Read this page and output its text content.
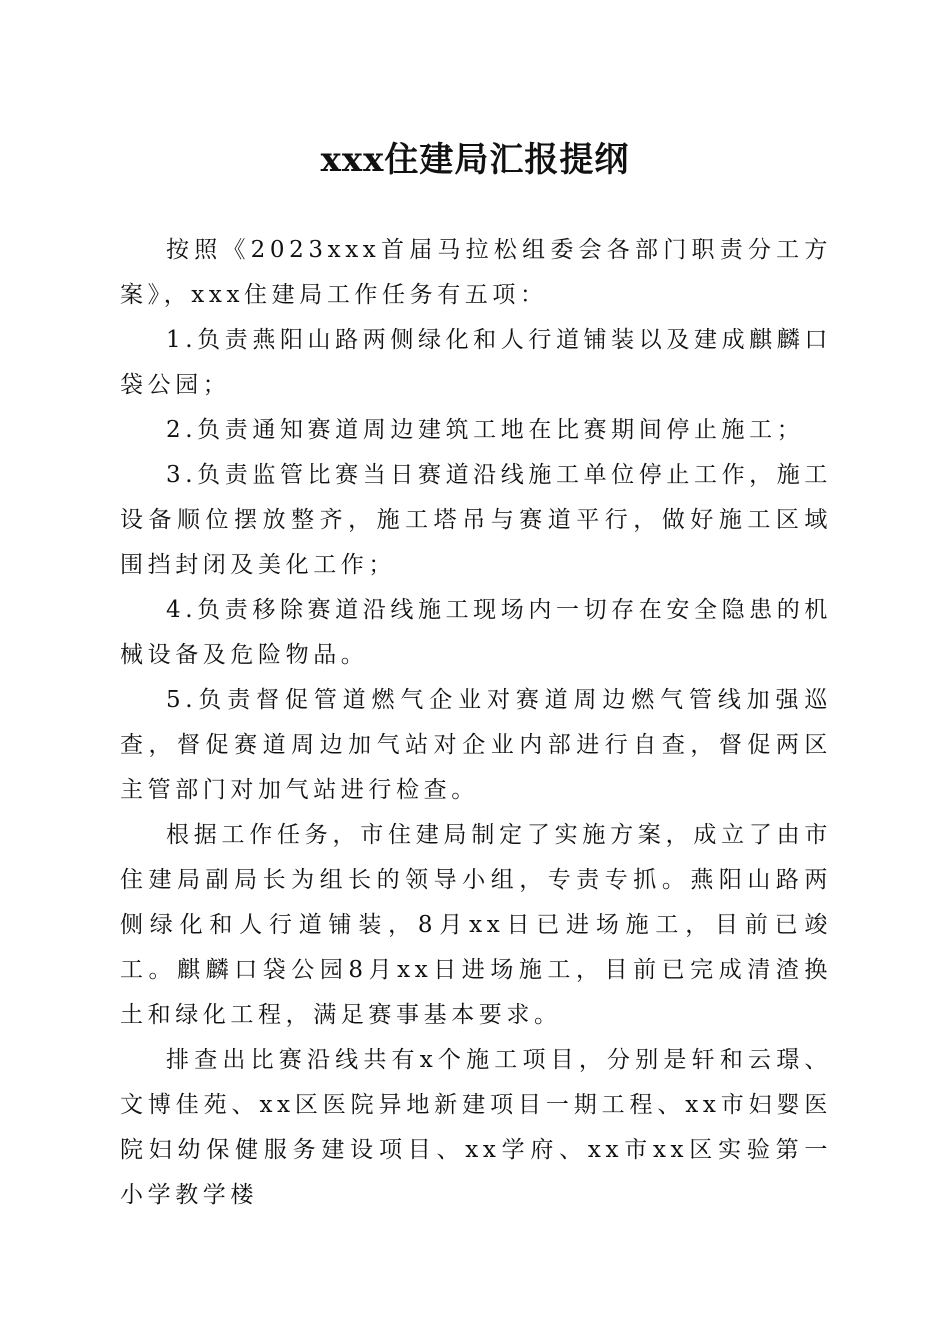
xxx住建局汇报提纲

按照《2023xxx首届马拉松组委会各部门职责分工方案》，xxx住建局工作任务有五项：

1.负责燕阳山路两侧绿化和人行道铺装以及建成麒麟口袋公园；

2.负责通知赛道周边建筑工地在比赛期间停止施工；

3.负责监管比赛当日赛道沿线施工单位停止工作，施工设备顺位摆放整齐，施工塔吊与赛道平行，做好施工区域围挡封闭及美化工作；

4.负责移除赛道沿线施工现场内一切存在安全隐患的机械设备及危险物品。

5.负责督促管道燃气企业对赛道周边燃气管线加强巡查，督促赛道周边加气站对企业内部进行自查，督促两区主管部门对加气站进行检查。

根据工作任务，市住建局制定了实施方案，成立了由市住建局副局长为组长的领导小组，专责专抓。燕阳山路两侧绿化和人行道铺装，8月xx日已进场施工，目前已竣工。麒麟口袋公园8月xx日进场施工，目前已完成清渣换土和绿化工程，满足赛事基本要求。

排查出比赛沿线共有x个施工项目，分别是轩和云璟、文博佳苑、xx区医院异地新建项目一期工程、xx市妇婴医院妇幼保健服务建设项目、xx学府、xx市xx区实验第一小学教学楼
